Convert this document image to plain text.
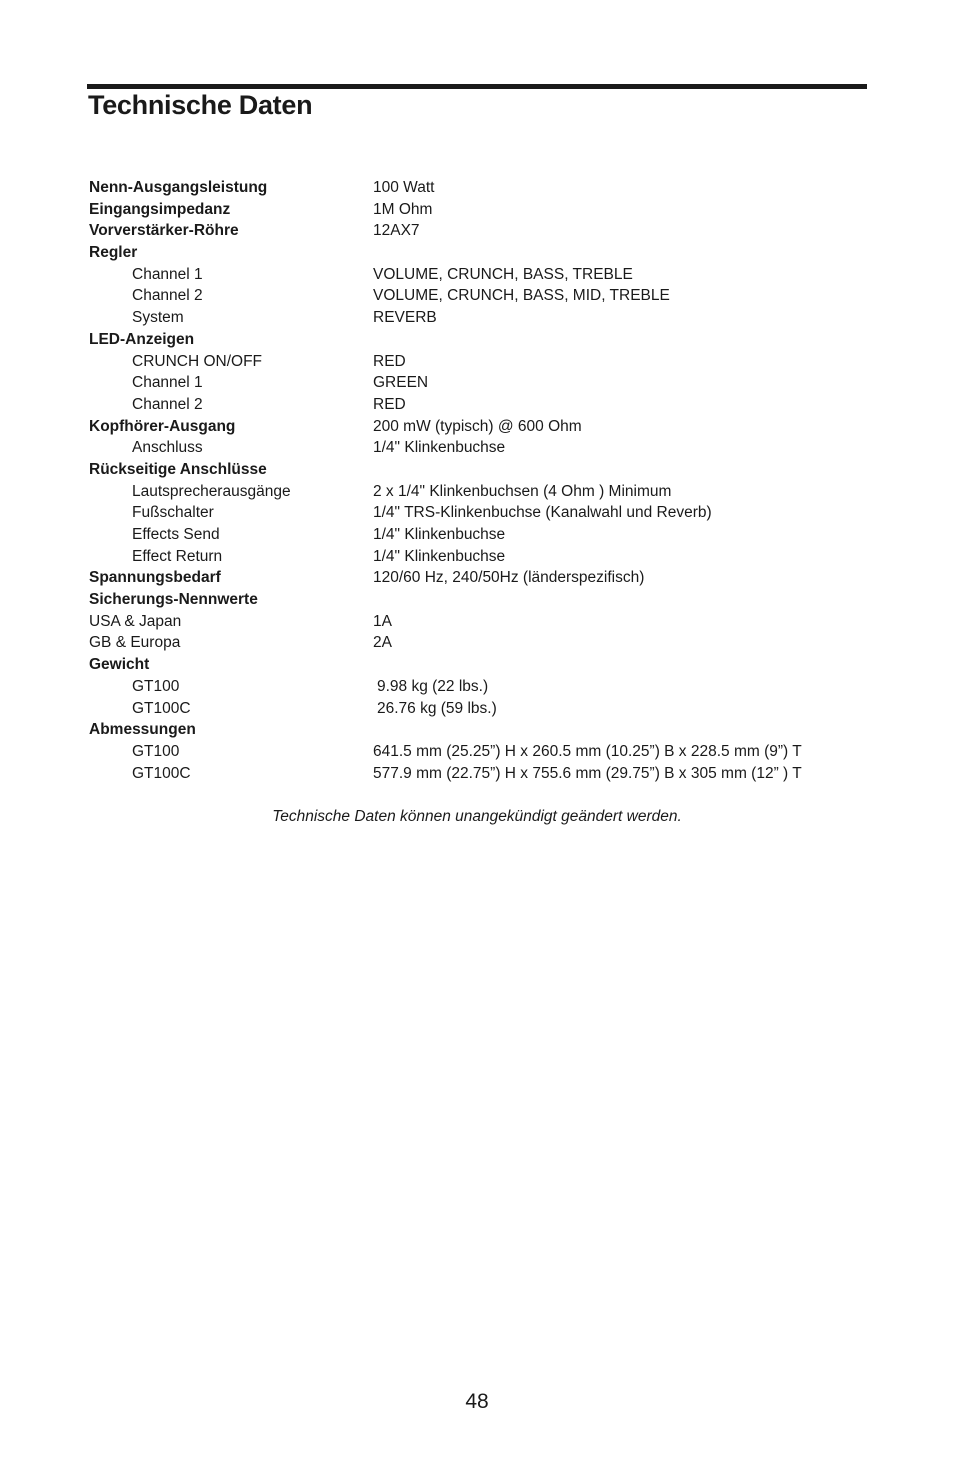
Technische Daten
Nenn-Ausgangsleistung	100 Watt
Eingangsimpedanz	1M Ohm
Vorverstärker-Röhre	12AX7
Regler
Channel 1	VOLUME, CRUNCH, BASS, TREBLE
Channel 2	VOLUME, CRUNCH, BASS, MID, TREBLE
System	REVERB
LED-Anzeigen
CRUNCH ON/OFF	RED
Channel 1	GREEN
Channel 2	RED
Kopfhörer-Ausgang	200 mW (typisch) @ 600 Ohm
Anschluss	1/4" Klinkenbuchse
Rückseitige Anschlüsse
Lautsprecherausgänge	2 x 1/4" Klinkenbuchsen (4 Ohm ) Minimum
Fußschalter	1/4" TRS-Klinkenbuchse (Kanalwahl und Reverb)
Effects Send	1/4" Klinkenbuchse
Effect Return	1/4" Klinkenbuchse
Spannungsbedarf	120/60 Hz, 240/50Hz (länderspezifisch)
Sicherungs-Nennwerte
USA & Japan	1A
GB & Europa	2A
Gewicht
GT100	9.98 kg (22 lbs.)
GT100C	26.76 kg (59 lbs.)
Abmessungen
GT100	641.5 mm (25.25”) H x 260.5 mm (10.25”) B x 228.5 mm (9”) T
GT100C	577.9 mm (22.75”) H x 755.6 mm (29.75”) B x 305 mm (12” ) T
Technische Daten können unangekündigt geändert werden.
48
